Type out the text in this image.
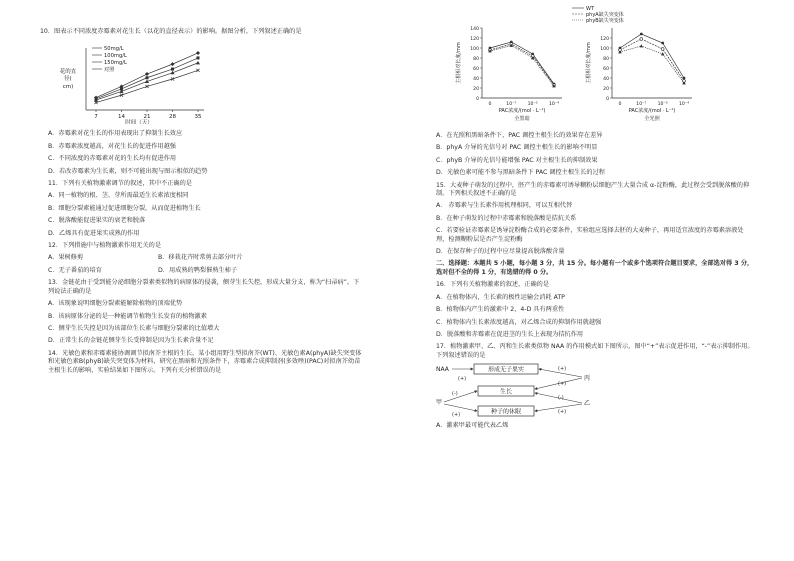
10．图表示不同浓度赤霉素对花生长（以花的直径表示）的影响。据图分析，下列叙述正确的是

7	14	21	28	35
时间（天）
花的直
径(
cm)
50mg/L
100mg/L
150mg/L
对照

A．赤霉素对花生长的作用表现出了抑制生长效应

B．赤霉素浓度越高，对花生长的促进作用越强

C．不同浓度的赤霉素对花的生长均有促进作用

D．若改赤霉素为生长素，则不可能出现与图示相似的趋势

11．下列有关植物激素调节的叙述，其中不正确的是

A．同一植物的根、茎、芽所需最适生长素浓度相同

B．细胞分裂素能通过促进细胞分裂，从而促进植物生长

C．脱落酸能促进果实的衰老和脱落

D．乙烯具有促进果实成熟的作用

12．下列措施中与植物激素作用无关的是

A．果树修剪	B．移栽花卉时常剪去部分叶片
C．无子番茄的培育	D．用成熟的鸭梨催熟生柿子

13．金链花由于受到能分泌细胞分裂素类似物的病原体的侵袭，侧芽生长失控，形成大量分支，称为“扫帚病”。下列说法正确的是

A．该现象说明细胞分裂素能解除植物的顶端优势

B．该病原体分泌的是一种能调节植物生长发育的植物激素

C．侧芽生长失控是因为该部位生长素与细胞分裂素的比值增大

D．正常生长的金链花侧芽生长受抑制是因为生长素含量不足

14．光敏色素和赤霉素能协调调节拟南芥主根的生长。某小组用野生型拟南芥(WT)、光敏色素A(phyA)缺失突变体和光敏色素B(phyB)缺失突变体为材料，研究在黑暗和光照条件下，赤霉素合成抑制剂(多效唑)(PAC)对拟南芥幼苗主根生长的影响，实验结果如下图所示。下列有关分析错误的是

WT
phyA缺失突变体
phyB缺失突变体
0
20
40
60
80
100
120
140
主根相对长度/mm
0	10⁻⁷ 10⁻⁵ 10⁻⁴
PAC浓度/(mol · L⁻¹)
全黑暗
0
20
40
60
80
100
120
主根相对长度/mm
0	10⁻⁷ 10⁻⁵ 10⁻⁴
PAC浓度/(mol · L⁻¹)
全光照

A．在光照和黑暗条件下，PAC 调控主根生长的效果存在差异

B．phyA 介导的光信号对 PAC 调控主根生长的影响不明显

C．phyB 介导的光信号能增强 PAC 对主根生长的抑制效果

D．光敏色素可能不参与黑暗条件下 PAC 调控主根生长的过程

15．大麦种子萌发的过程中，胚产生的赤霉素可诱导糊粉层细胞产生大量合成 α-淀粉酶，此过程会受到脱落酸的抑制。下列相关叙述不正确的是

A． 赤霉素与生长素作用机理相同，可以互相代替

B．在种子萌发的过程中赤霉素和脱落酸是拮抗关系

C．若要验证赤霉素是诱导淀粉酶合成的必要条件，实验组应选择去胚的大麦种子，再用适宜浓度的赤霉素溶液处理，检测糊粉层是否产生淀粉酶

D．在保存种子的过程中应尽量提高脱落酸含量

二、选择题：本题共 5 小题，每小题 3 分，共 15 分。每小题有一个或多个选项符合题目要求，全部选对得 3 分，选对但不全的得 1 分，有选错的得 0 分。

16．下列有关植物激素的叙述，正确的是

A．在植物体内，生长素的极性运输会消耗 ATP

B．植物体内产生的激素中 2，4-D 具有两重性

C．植物体内生长素浓度越高，对乙烯合成的抑制作用就越强

D．脱落酸和赤霉素在促进茎的生长上表现为拮抗作用

17．植物激素甲、乙、丙和生长素类似物 NAA 的作用模式如下图所示，图中“+”表示促进作用，“-”表示抑制作用。下列叙述错误的是

形成无子果实
生长
种子的休眠
NAA
甲
丙
乙
(+)
(+)
(+)
(-)
(+)
(-)
(+)

A．激素甲最可能代表乙烯
